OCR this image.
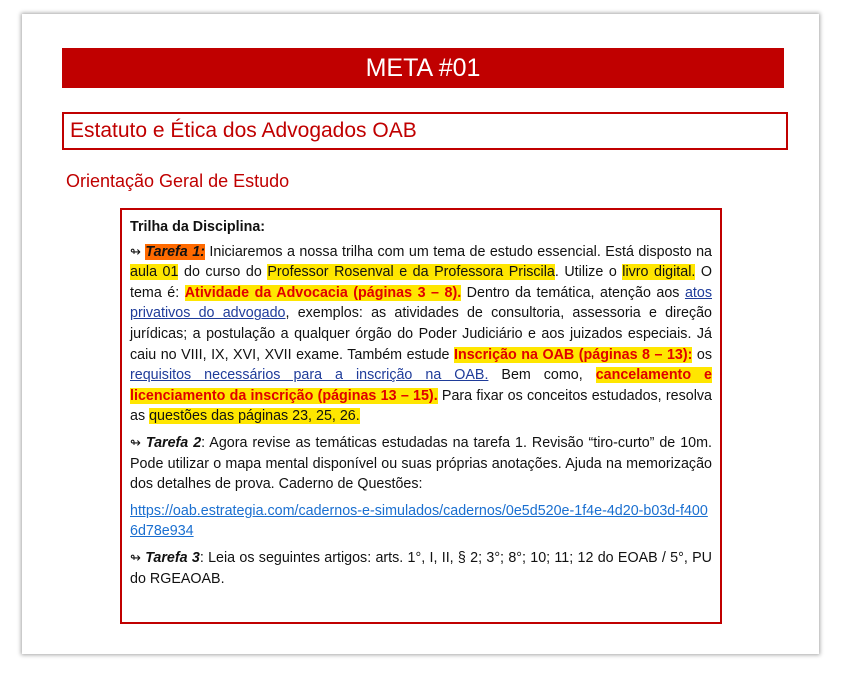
META #01
Estatuto e Ética dos Advogados OAB
Orientação Geral de Estudo
Trilha da Disciplina:

↬ Tarefa 1: Iniciaremos a nossa trilha com um tema de estudo essencial. Está disposto na aula 01 do curso do Professor Rosenval e da Professora Priscila. Utilize o livro digital. O tema é: Atividade da Advocacia (páginas 3 – 8). Dentro da temática, atenção aos atos privativos do advogado, exemplos: as atividades de consultoria, assessoria e direção jurídicas; a postulação a qualquer órgão do Poder Judiciário e aos juizados especiais. Já caiu no VIII, IX, XVI, XVII exame. Também estude Inscrição na OAB (páginas 8 – 13): os requisitos necessários para a inscrição na OAB. Bem como, cancelamento e licenciamento da inscrição (páginas 13 – 15). Para fixar os conceitos estudados, resolva as questões das páginas 23, 25, 26.

↬ Tarefa 2: Agora revise as temáticas estudadas na tarefa 1. Revisão “tiro-curto” de 10m. Pode utilizar o mapa mental disponível ou suas próprias anotações. Ajuda na memorização dos detalhes de prova. Caderno de Questões:

https://oab.estrategia.com/cadernos-e-simulados/cadernos/0e5d520e-1f4e-4d20-b03d-f4006d78e934

↬ Tarefa 3: Leia os seguintes artigos: arts. 1°, I, II, § 2; 3°; 8°; 10; 11; 12 do EOAB / 5°, PU do RGEAOAB.
